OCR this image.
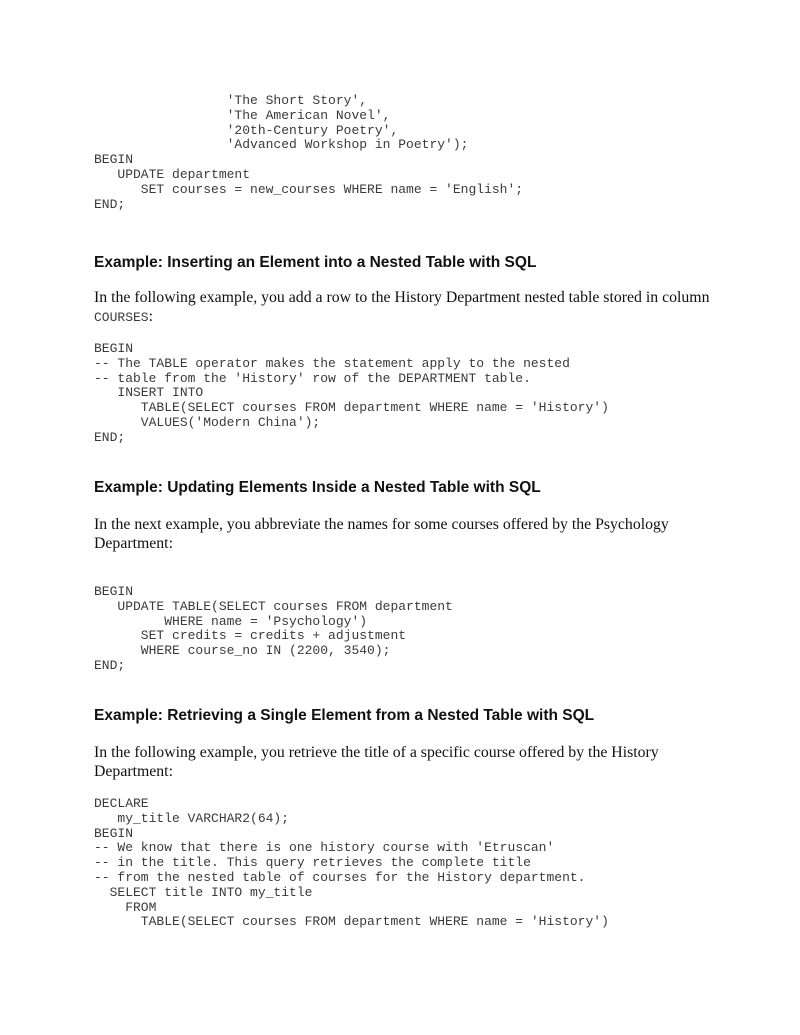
'The Short Story',
'The American Novel',
'20th-Century Poetry',
'Advanced Workshop in Poetry');
BEGIN
UPDATE department
SET courses = new_courses WHERE name = 'English';
END;
Example: Inserting an Element into a Nested Table with SQL
In the following example, you add a row to the History Department nested table stored in column
COURSES:
BEGIN
-- The TABLE operator makes the statement apply to the nested
-- table from the 'History' row of the DEPARTMENT table.
INSERT INTO
TABLE(SELECT courses FROM department WHERE name = 'History')
VALUES('Modern China');
END;
Example: Updating Elements Inside a Nested Table with SQL
In the next example, you abbreviate the names for some courses offered by the Psychology Department:
BEGIN
UPDATE TABLE(SELECT courses FROM department
WHERE name = 'Psychology')
SET credits = credits + adjustment
WHERE course_no IN (2200, 3540);
END;
Example: Retrieving a Single Element from a Nested Table with SQL
In the following example, you retrieve the title of a specific course offered by the History Department:
DECLARE
my_title VARCHAR2(64);
BEGIN
-- We know that there is one history course with 'Etruscan'
-- in the title. This query retrieves the complete title
-- from the nested table of courses for the History department.
SELECT title INTO my_title
FROM
TABLE(SELECT courses FROM department WHERE name = 'History')
